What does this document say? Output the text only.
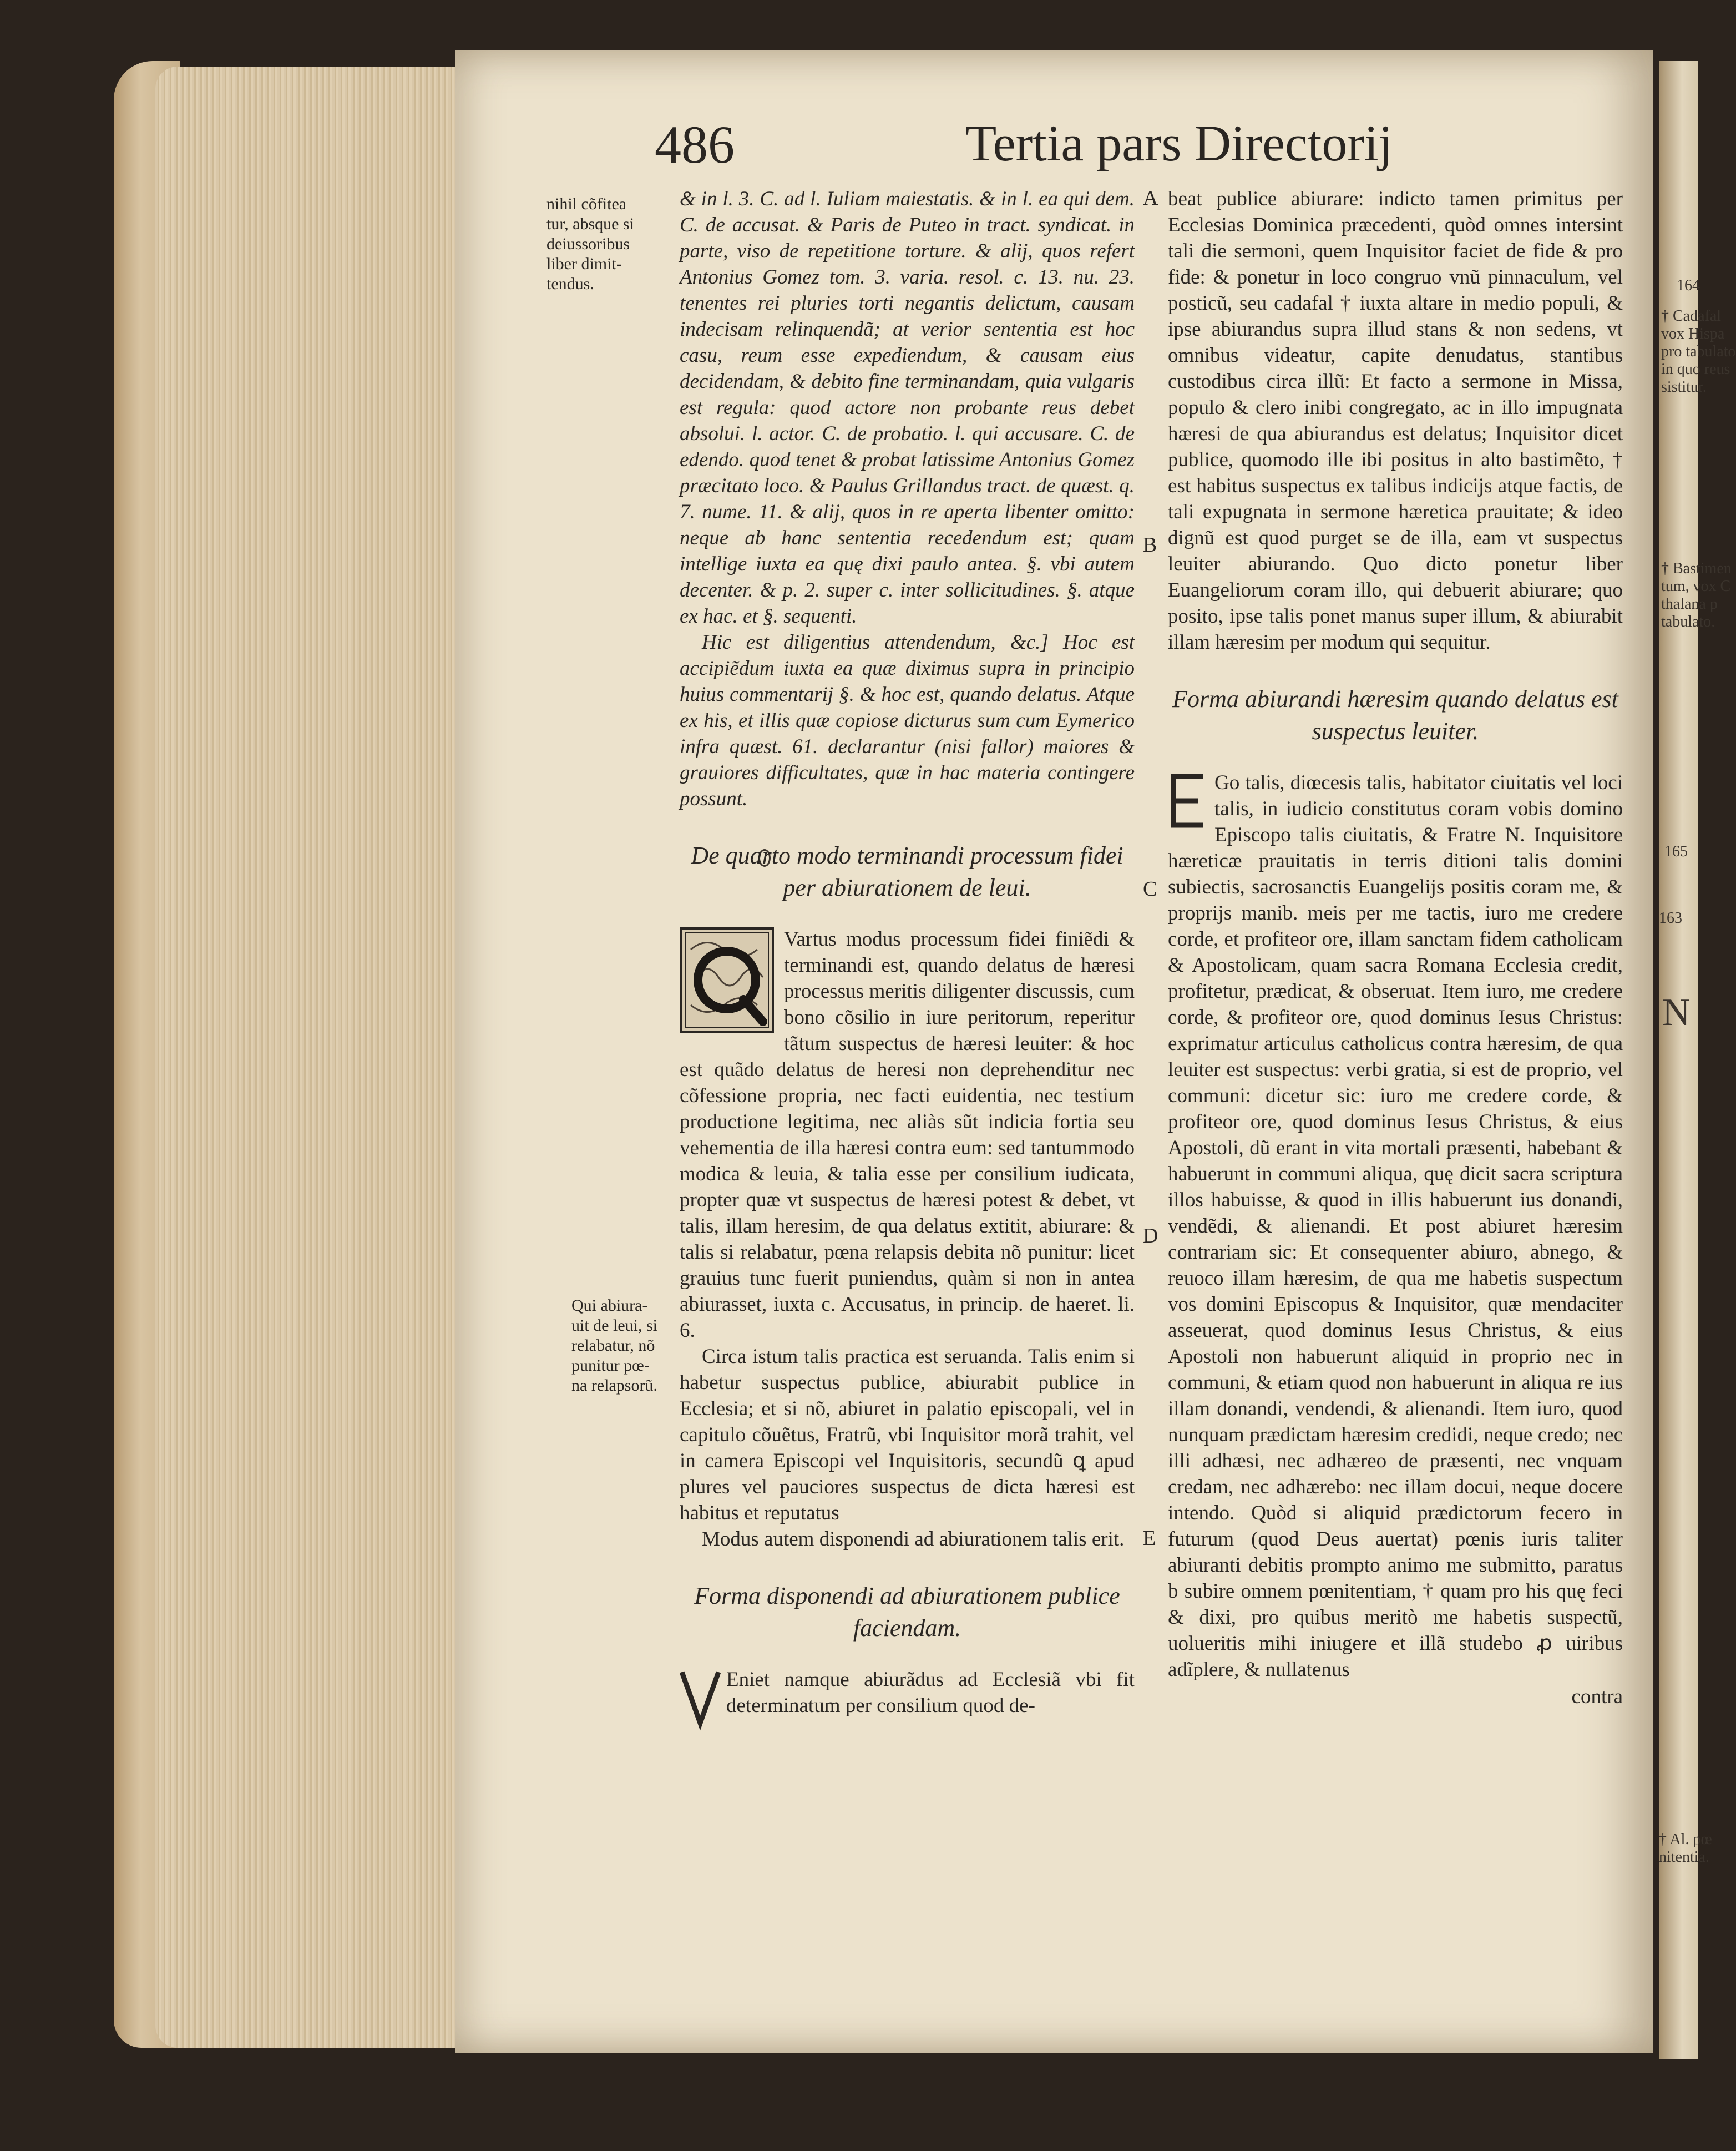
164
† Cadafal
vox Hispa
pro tabulato
in quo reus
sistitur.
† Bastimen
tum, vox C
thalana p
tabulato.
165
163
† Al. pœ
nitentia.
N
486	Tertia pars Directorij
nihil cõfitea
tur, absque si
deiussoribus
liber dimit-
tendus.
Qui abiura-
uit de leui, si
relabatur, nõ
punitur pœ-
na relapsorũ.
A
B
C
D
E

& in l. 3. C. ad l. Iuliam maiestatis. & in l. ea qui dem. C. de accusat. & Paris de Puteo in tract. syndicat. in parte, viso de repetitione torture. & alij, quos refert Antonius Gomez tom. 3. varia. resol. c. 13. nu. 23. tenentes rei pluries torti negantis delictum, causam indecisam relinquendã; at verior sententia est hoc casu, reum esse expediendum, & causam eius decidendam, & debito fine terminandam, quia vulgaris est regula: quod actore non probante reus debet absolui. l. actor. C. de probatio. l. qui accusare. C. de edendo. quod tenet & probat latissime Antonius Gomez præcitato loco. & Paulus Grillandus tract. de quæst. q. 7. nume. 11. & alij, quos in re aperta libenter omitto: neque ab hanc sententia recedendum est; quam intellige iuxta ea quę dixi paulo antea. §. vbi autem decenter. & p. 2. super c. inter sollicitudines. §. atque ex hac. et §. sequenti.

Hic est diligentius attendendum, &c.] Hoc est accipiẽdum iuxta ea quæ diximus supra in principio huius commentarij §. & hoc est, quando delatus. Atque ex his, et illis quæ copiose dicturus sum cum Eymerico infra quæst. 61. declarantur (nisi fallor) maiores & grauiores difficultates, quæ in hac materia contingere possunt.

De quarto modo terminandi processum fidei per abiurationem de leui.

Vartus modus processum fidei finiẽdi & terminandi est, quando delatus de hæresi processus meritis diligenter discussis, cum bono cõsilio in iure peritorum, reperitur tãtum suspectus de hæresi leuiter: & hoc est quãdo delatus de heresi non deprehenditur nec cõfessione propria, nec facti euidentia, nec testium productione legitima, nec aliàs sũt indicia fortia seu vehementia de illa hæresi contra eum: sed tantummodo modica & leuia, & talia esse per consilium iudicata, propter quæ vt suspectus de hæresi potest & debet, vt talis, illam heresim, de qua delatus extitit, abiurare: & talis si relabatur, pœna relapsis debita nõ punitur: licet grauius tunc fuerit puniendus, quàm si non in antea abiurasset, iuxta c. Accusatus, in princip. de haeret. li. 6.

Circa istum talis practica est seruanda. Talis enim si habetur suspectus publice, abiurabit publice in Ecclesia; et si nõ, abiuret in palatio episcopali, vel in capitulo cõuẽtus, Fratrũ, vbi Inquisitor morã trahit, vel in camera Episcopi vel Inquisitoris, secundũ ꝗ apud plures vel pauciores suspectus de dicta hæresi est habitus et reputatus

Modus autem disponendi ad abiurationem talis erit.

Forma disponendi ad abiurationem publice faciendam.

Eniet namque abiurãdus ad Ecclesiã vbi fit determinatum per consilium quod de-

beat publice abiurare: indicto tamen primitus per Ecclesias Dominica præcedenti, quòd omnes intersint tali die sermoni, quem Inquisitor faciet de fide & pro fide: & ponetur in loco congruo vnũ pinnaculum, vel posticũ, seu cadafal † iuxta altare in medio populi, & ipse abiurandus supra illud stans & non sedens, vt omnibus videatur, capite denudatus, stantibus custodibus circa illũ: Et facto a sermone in Missa, populo & clero inibi congregato, ac in illo impugnata hæresi de qua abiurandus est delatus; Inquisitor dicet publice, quomodo ille ibi positus in alto bastimẽto, † est habitus suspectus ex talibus indicijs atque factis, de tali expugnata in sermone hæretica prauitate; & ideo dignũ est quod purget se de illa, eam vt suspectus leuiter abiurando. Quo dicto ponetur liber Euangeliorum coram illo, qui debuerit abiurare; quo posito, ipse talis ponet manus super illum, & abiurabit illam hæresim per modum qui sequitur.

Forma abiurandi hæresim quando delatus est suspectus leuiter.

Go talis, diœcesis talis, habitator ciuitatis vel loci talis, in iudicio constitutus coram vobis domino Episcopo talis ciuitatis, & Fratre N. Inquisitore hæreticæ prauitatis in terris ditioni talis domini subiectis, sacrosanctis Euangelijs positis coram me, & proprijs manib. meis per me tactis, iuro me credere corde, et profiteor ore, illam sanctam fidem catholicam & Apostolicam, quam sacra Romana Ecclesia credit, profitetur, prædicat, & obseruat. Item iuro, me credere corde, & profiteor ore, quod dominus Iesus Christus: exprimatur articulus catholicus contra hæresim, de qua leuiter est suspectus: verbi gratia, si est de proprio, vel communi: dicetur sic: iuro me credere corde, & profiteor ore, quod dominus Iesus Christus, & eius Apostoli, dũ erant in vita mortali præsenti, habebant & habuerunt in communi aliqua, quę dicit sacra scriptura illos habuisse, & quod in illis habuerunt ius donandi, vendẽdi, & alienandi. Et post abiuret hæresim contrariam sic: Et consequenter abiuro, abnego, & reuoco illam hæresim, de qua me habetis suspectum vos domini Episcopus & Inquisitor, quæ mendaciter asseuerat, quod dominus Iesus Christus, & eius Apostoli non habuerunt aliquid in proprio nec in communi, & etiam quod non habuerunt in aliqua re ius illam donandi, vendendi, & alienandi. Item iuro, quod nunquam prædictam hæresim credidi, neque credo; nec illi adhæsi, nec adhæreo de præsenti, nec vnquam credam, nec adhærebo: nec illam docui, neque docere intendo. Quòd si aliquid prædictorum fecero in futurum (quod Deus auertat) pœnis iuris taliter abiuranti debitis prompto animo me submitto, paratus b subire omnem pœnitentiam, † quam pro his quę feci & dixi, pro quibus meritò me habetis suspectũ, uolueritis mihi iniugere et illã studebo ꝓ uiribus adĩplere, & nullatenus

contra
